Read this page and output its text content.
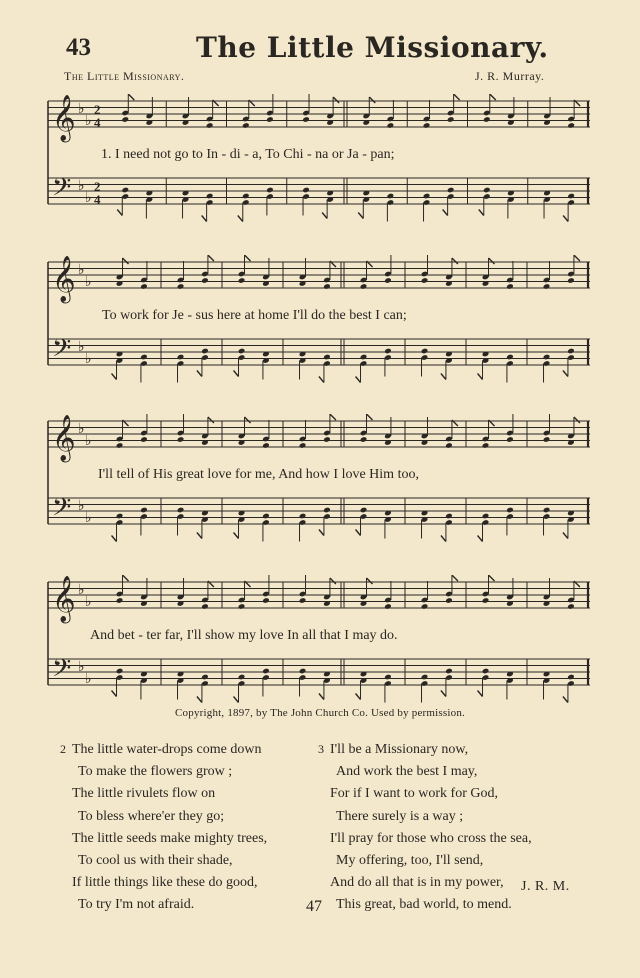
43	The Little Missionary.
The Little Missionary.	J. R. Murray.
𝄞 ♭
♭
2
4
𝄢 ♭
♭
2
4
1. I need not go to In - di - a, To Chi - na or Ja - pan;
𝄞 ♭
♭
𝄢 ♭
♭
To work for Je - sus here at home I'll do the best I can;
𝄞 ♭
♭
𝄢 ♭
♭
I'll tell of His great love for me, And how I love Him too,
𝄞 ♭
♭
𝄢 ♭
♭
And bet - ter far, I'll show my love In all that I may do.
Copyright, 1897, by The John Church Co. Used by permission.
2 The little water-drops come down
To make the flowers grow ;
The little rivulets flow on
To bless where'er they go;
The little seeds make mighty trees,
To cool us with their shade,
If little things like these do good,
To try I'm not afraid.
3 I'll be a Missionary now,
And work the best I may,
For if I want to work for God,
There surely is a way ;
I'll pray for those who cross the sea,
My offering, too, I'll send,
And do all that is in my power,
This great, bad world, to mend.
J. R. M.
47
